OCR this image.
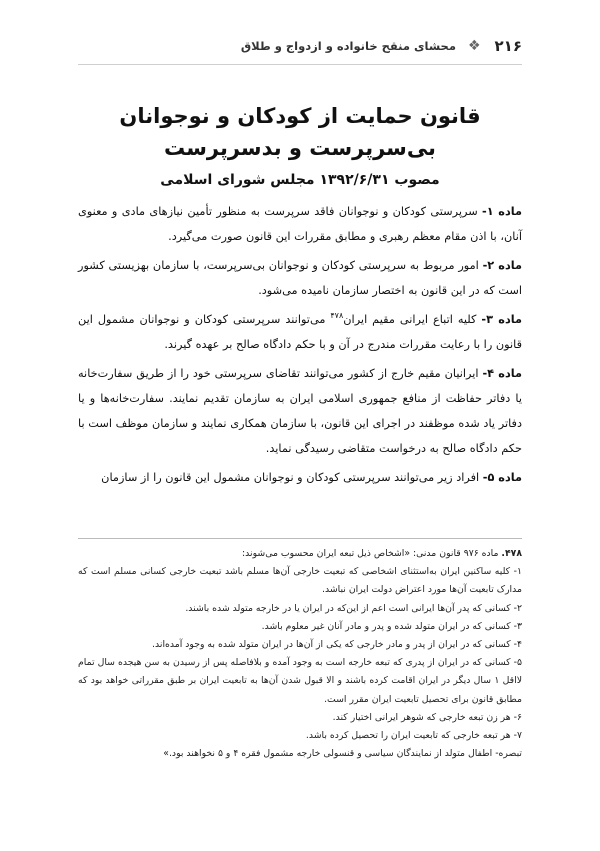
۲۱۶
❖
محشای منقح خانواده و ازدواج و طلاق
قانون حمایت از کودکان و نوجوانان بی‌سرپرست و بدسرپرست
مصوب ۱۳۹۲/۶/۳۱ مجلس شورای اسلامی

ماده ۱- سرپرستی کودکان و نوجوانان فاقد سرپرست به منظور تأمین نیازهای مادی و معنوی آنان، با اذن مقام معظم رهبری و مطابق مقررات این قانون صورت می‌گیرد.

ماده ۲- امور مربوط به سرپرستی کودکان و نوجوانان بی‌سرپرست، با سازمان بهزیستی کشور است که در این قانون به اختصار سازمان نامیده می‌شود.

ماده ۳- کلیه اتباع ایرانی مقیم ایران$^{۴۷۸}$ می‌توانند سرپرستی کودکان و نوجوانان مشمول این قانون را با رعایت مقررات مندرج در آن و با حکم دادگاه صالح بر عهده گیرند.

ماده ۴- ایرانیان مقیم خارج از کشور می‌توانند تقاضای سرپرستی خود را از طریق سفارت‌خانه یا دفاتر حفاظت از منافع جمهوری اسلامی ایران به سازمان تقدیم نمایند. سفارت‌خانه‌ها و یا دفاتر یاد شده موظفند در اجرای این قانون، با سازمان همکاری نمایند و سازمان موظف است با حکم دادگاه صالح به درخواست متقاضی رسیدگی نماید.

ماده ۵- افراد زیر می‌توانند سرپرستی کودکان و نوجوانان مشمول این قانون را از سازمان

۴۷۸. ماده ۹۷۶ قانون مدنی: «اشخاص ذیل تبعه ایران محسوب می‌شوند:

۱- کلیه ساکنین ایران به‌استثنای اشخاصی که تبعیت خارجی آن‌ها مسلم باشد تبعیت خارجی کسانی مسلم است که مدارک تابعیت آن‌ها مورد اعتراض دولت ایران نباشد.

۲- کسانی که پدر آن‌ها ایرانی است اعم از این‌که در ایران یا در خارجه متولد شده باشند.

۳- کسانی که در ایران متولد شده و پدر و مادر آنان غیر معلوم باشد.

۴- کسانی که در ایران از پدر و مادر خارجی که یکی از آن‌ها در ایران متولد شده به وجود آمده‌اند.

۵- کسانی که در ایران از پدری که تبعه خارجه است به وجود آمده و بلافاصله پس از رسیدن به سن هیجده سال تمام لااقل ۱ سال دیگر در ایران اقامت کرده باشند و الا قبول شدن آن‌ها به تابعیت ایران بر طبق مقرراتی خواهد بود که مطابق قانون برای تحصیل تابعیت ایران مقرر است.

۶- هر زن تبعه خارجی که شوهر ایرانی اختیار کند.

۷- هر تبعه خارجی که تابعیت ایران را تحصیل کرده باشد.

تبصره- اطفال متولد از نمایندگان سیاسی و قنسولی خارجه مشمول فقره ۴ و ۵ نخواهند بود.»
